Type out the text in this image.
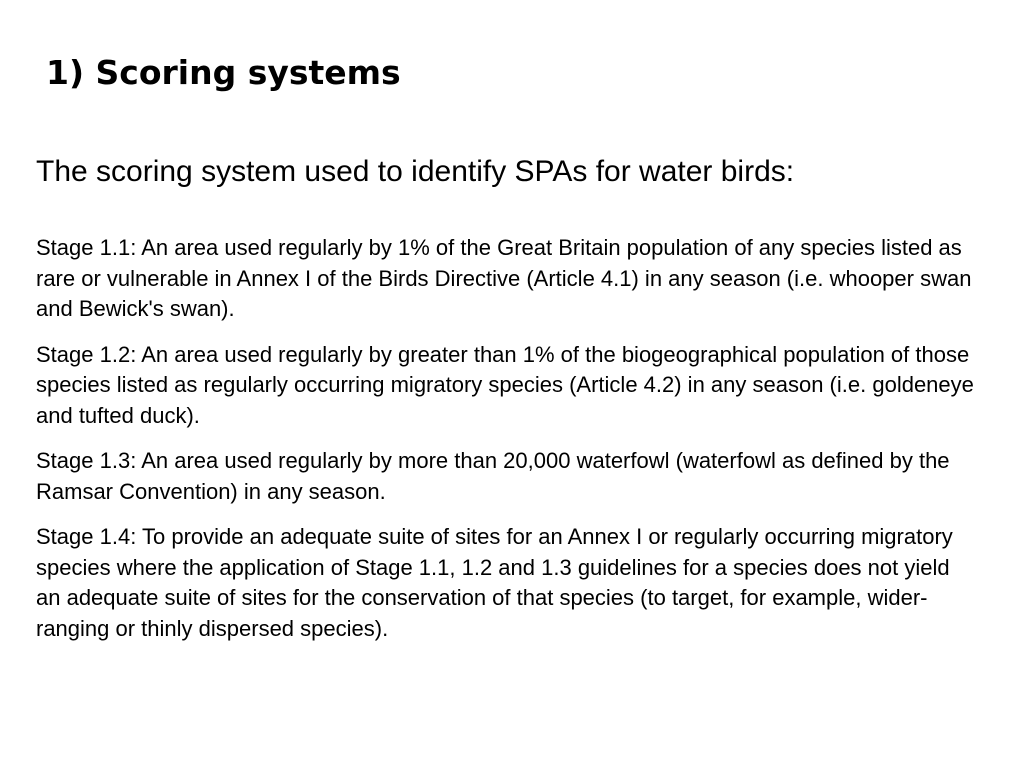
1) Scoring systems

The scoring system used to identify SPAs for water birds:

Stage 1.1: An area used regularly by 1% of the Great Britain population of any species listed as rare or vulnerable in Annex I of the Birds Directive (Article 4.1) in any season (i.e. whooper swan and Bewick's swan).
Stage 1.2: An area used regularly by greater than 1% of the biogeographical population of those species listed as regularly occurring migratory species (Article 4.2) in any season (i.e. goldeneye and tufted duck).
Stage 1.3: An area used regularly by more than 20,000 waterfowl (waterfowl as defined by the Ramsar Convention) in any season.
Stage 1.4: To provide an adequate suite of sites for an Annex I or regularly occurring migratory species where the application of Stage 1.1, 1.2 and 1.3 guidelines for a species does not yield an adequate suite of sites for the conservation of that species (to target, for example, wider-ranging or thinly dispersed species).
